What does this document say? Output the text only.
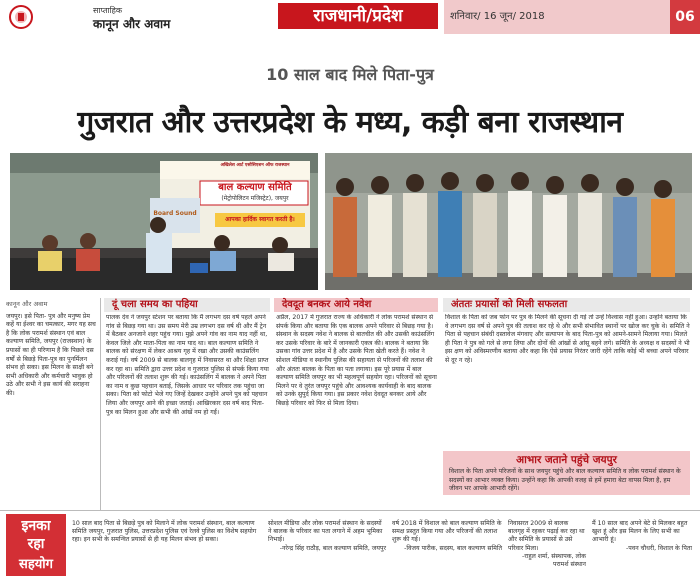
साप्ताहिक
कानून और अवाम	राजधानी/प्रदेश	शनिवार/ 16 जून/ 2018	06
10 साल बाद मिले पिता-पुत्र
गुजरात और उत्तरप्रदेश के मध्य, कड़ी बना राजस्थान
अखिलेश आर्ट एसोसिएशन ऑफ राजस्थान
बाल कल्याण समिति
(मेट्रोपोलिटन मजिस्ट्रेट), जयपुर
आपका हार्दिक स्वागत करती है।
Board Sound
कानून और अवाम
जयपुर। इसे पिता- पुत्र और मनुष्य प्रेम कहें या ईश्वर का चमत्कार, मगर यह सच है कि लोक परामर्श संस्थान एवं बाल कल्याण समिति, जयपुर (राजस्थान) के प्रयासों का ही परिणाम है कि पिछले दस वर्षों से बिछड़े पिता-पुत्र का पुनर्मिलन संभव हो सका। इस मिलन के साक्षी बने सभी अधिकारी और कर्मचारी भावुक हो उठे और सभी ने इस कार्य की सराहना की।
दूं चला समय का पहिया
पालक देव ने जयपुर स्टेशन पर बताया कि मैं लगभग दस वर्ष पहले अपने गांव से बिछड़ गया था। उस समय मेरी उम्र लगभग दस वर्ष थी और मैं ट्रेन में बैठकर अनजाने शहर पहुंच गया। मुझे अपने गांव का नाम याद नहीं था, केवल जिले और माता-पिता का नाम याद था। बाल कल्याण समिति ने बालक को संरक्षण में लेकर आश्रय गृह में रखा और उसकी काउंसलिंग कराई गई। वर्ष 2009 से बालक बालगृह में निवासरत था और शिक्षा प्राप्त कर रहा था। समिति द्वारा उत्तर प्रदेश व गुजरात पुलिस से संपर्क किया गया और परिजनों की तलाश शुरू की गई। काउंसलिंग में बालक ने अपने पिता का नाम व कुछ पहचान बताई, जिसके आधार पर परिवार तक पहुंचा जा सका। पिता को फोटो भेजे गए जिन्हें देखकर उन्होंने अपने पुत्र को पहचान लिया और जयपुर आने की इच्छा जताई। आखिरकार दस वर्ष बाद पिता-पुत्र का मिलन हुआ और सभी की आंखें नम हो गईं।
देवदूत बनकर आये नवेश
अप्रैल, 2017 में गुजरात राज्य के अधिकारी ने लोक परामर्श संस्थान से संपर्क किया और बताया कि एक बालक अपने परिवार से बिछड़ गया है। संस्थान के सदस्य नवेश ने बालक से बातचीत की और उसकी काउंसलिंग कर उसके परिवार के बारे में जानकारी एकत्र की। बालक ने बताया कि उसका गांव उत्तर प्रदेश में है और उसके पिता खेती करते हैं। नवेश ने सोशल मीडिया व स्थानीय पुलिस की सहायता से परिजनों की तलाश की और अंततः बालक के पिता का पता लगाया। इस पूरे प्रयास में बाल कल्याण समिति जयपुर का भी महत्वपूर्ण सहयोग रहा। परिजनों को सूचना मिलने पर वे तुरंत जयपुर पहुंचे और आवश्यक कार्यवाही के बाद बालक को उनके सुपुर्द किया गया। इस प्रकार नवेश देवदूत बनकर आये और बिछड़े परिवार को फिर से मिला दिया।
अंततः प्रयासों को मिली सफलता
विशाल के पिता को जब फोन पर पुत्र के मिलने की सूचना दी गई तो उन्हें विश्वास नहीं हुआ। उन्होंने बताया कि वे लगभग दस वर्ष से अपने पुत्र की तलाश कर रहे थे और सभी संभावित स्थानों पर खोज कर चुके थे। समिति ने पिता से पहचान संबंधी दस्तावेज मंगवाए और सत्यापन के बाद पिता-पुत्र को आमने-सामने मिलाया गया। मिलते ही पिता ने पुत्र को गले से लगा लिया और दोनों की आंखों से आंसू बहने लगे। समिति के अध्यक्ष व सदस्यों ने भी इस क्षण को अविस्मरणीय बताया और कहा कि ऐसे प्रयास निरंतर जारी रहेंगे ताकि कोई भी बच्चा अपने परिवार से दूर न रहे।
आभार जताने पहुंचे जयपुर
विशाल के पिता अपने परिजनों के साथ जयपुर पहुंचे और बाल कल्याण समिति व लोक परामर्श संस्थान के सदस्यों का आभार व्यक्त किया। उन्होंने कहा कि आपकी वजह से हमें हमारा बेटा वापस मिला है, हम जीवन भर आपके आभारी रहेंगे।
इनका
रहा
सहयोग
10 साल बाद पिता से बिछड़े पुत्र को मिलाने में लोक परामर्श संस्थान, बाल कल्याण समिति जयपुर, गुजरात पुलिस, उत्तरप्रदेश पुलिस एवं रेलवे पुलिस का विशेष सहयोग रहा। इन सभी के समन्वित प्रयासों से ही यह मिलन संभव हो सका।
सोशल मीडिया और लोक परामर्श संस्थान के सदस्यों ने बालक के परिवार का पता लगाने में अहम भूमिका निभाई।
-नरेन्द्र सिंह राठौड़, बाल कल्याण समिति, जयपुर
वर्ष 2018 में विशाल को बाल कल्याण समिति के समक्ष प्रस्तुत किया गया और परिजनों की तलाश शुरू की गई।
-विजय पारीक, सदस्य, बाल कल्याण समिति
निवासरत 2009 से बालक बालगृह में रहकर पढ़ाई कर रहा था और समिति के प्रयासों से उसे परिवार मिला।
-राहुल शर्मा, संस्थापक, लोक परामर्श संस्थान
मैं 10 साल बाद अपने बेटे से मिलकर बहुत खुश हूं और इस मिलन के लिए सभी का आभारी हूं।
-पवन चौधरी, विशाल के पिता
